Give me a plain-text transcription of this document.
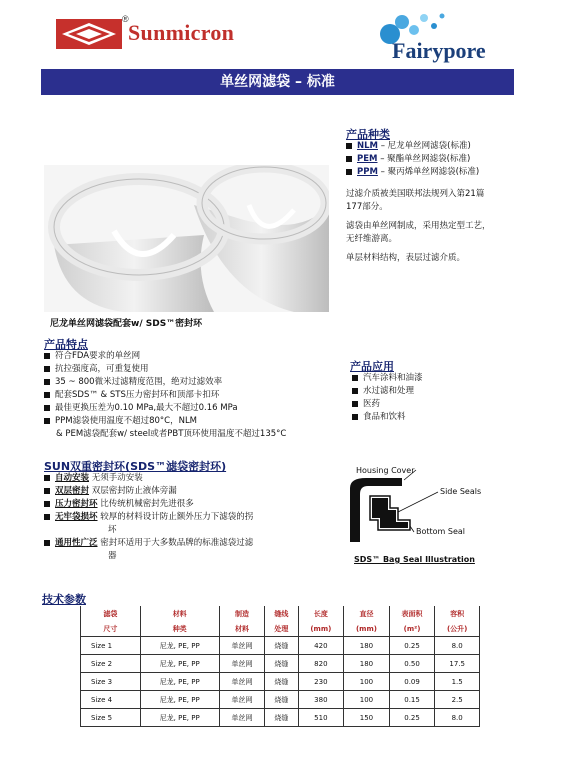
®
Sunmicron
Fairypore
单丝网滤袋 – 标准
尼龙单丝网滤袋配套w/ SDS™密封环
产品种类
NLM – 尼龙单丝网滤袋(标准)
PEM – 聚酯单丝网滤袋(标准)
PPM – 聚丙烯单丝网滤袋(标准)
过滤介质被美国联邦法规列入第21篇
177部分。
滤袋由单丝网制成，采用热定型工艺，
无纤维游离。
单层材料结构，表层过滤介质。
产品特点
符合FDA要求的单丝网
抗拉强度高，可重复使用
35 ~ 800微米过滤精度范围，绝对过滤效率
配套SDS™ & STS压力密封环和顶部卡扣环
最佳更换压差为0.10 MPa,最大不超过0.16 MPa
PPM滤袋使用温度不超过80°C，NLM
& PEM滤袋配套w/ steel或者PBT顶环使用温度不超过135°C
产品应用
汽车涂料和油漆
水过滤和处理
医药
食品和饮料
SUN双重密封环(SDS™滤袋密封环)
自动安装 无须手动安装
双层密封 双层密封防止液体旁漏
压力密封环 比传统机械密封先进很多
无牢袋损坏 较厚的材料设计防止额外压力下滤袋的拐
坏
通用性广泛 密封环适用于大多数品牌的标准滤袋过滤
器
Housing Cover
Side Seals
Bottom Seal
SDS™ Bag Seal Illustration
技术参数
滤袋	材料	制造	缝线	长度	直径	表面积	容积
尺寸	种类	材料	处理	(mm)	(mm)	(m²)	(公升)
Size 1	尼龙, PE, PP	单丝网	烧缝	420	180	0.25	8.0
Size 2	尼龙, PE, PP	单丝网	烧缝	820	180	0.50	17.5
Size 3	尼龙, PE, PP	单丝网	烧缝	230	100	0.09	1.5
Size 4	尼龙, PE, PP	单丝网	烧缝	380	100	0.15	2.5
Size 5	尼龙, PE, PP	单丝网	烧缝	510	150	0.25	8.0
